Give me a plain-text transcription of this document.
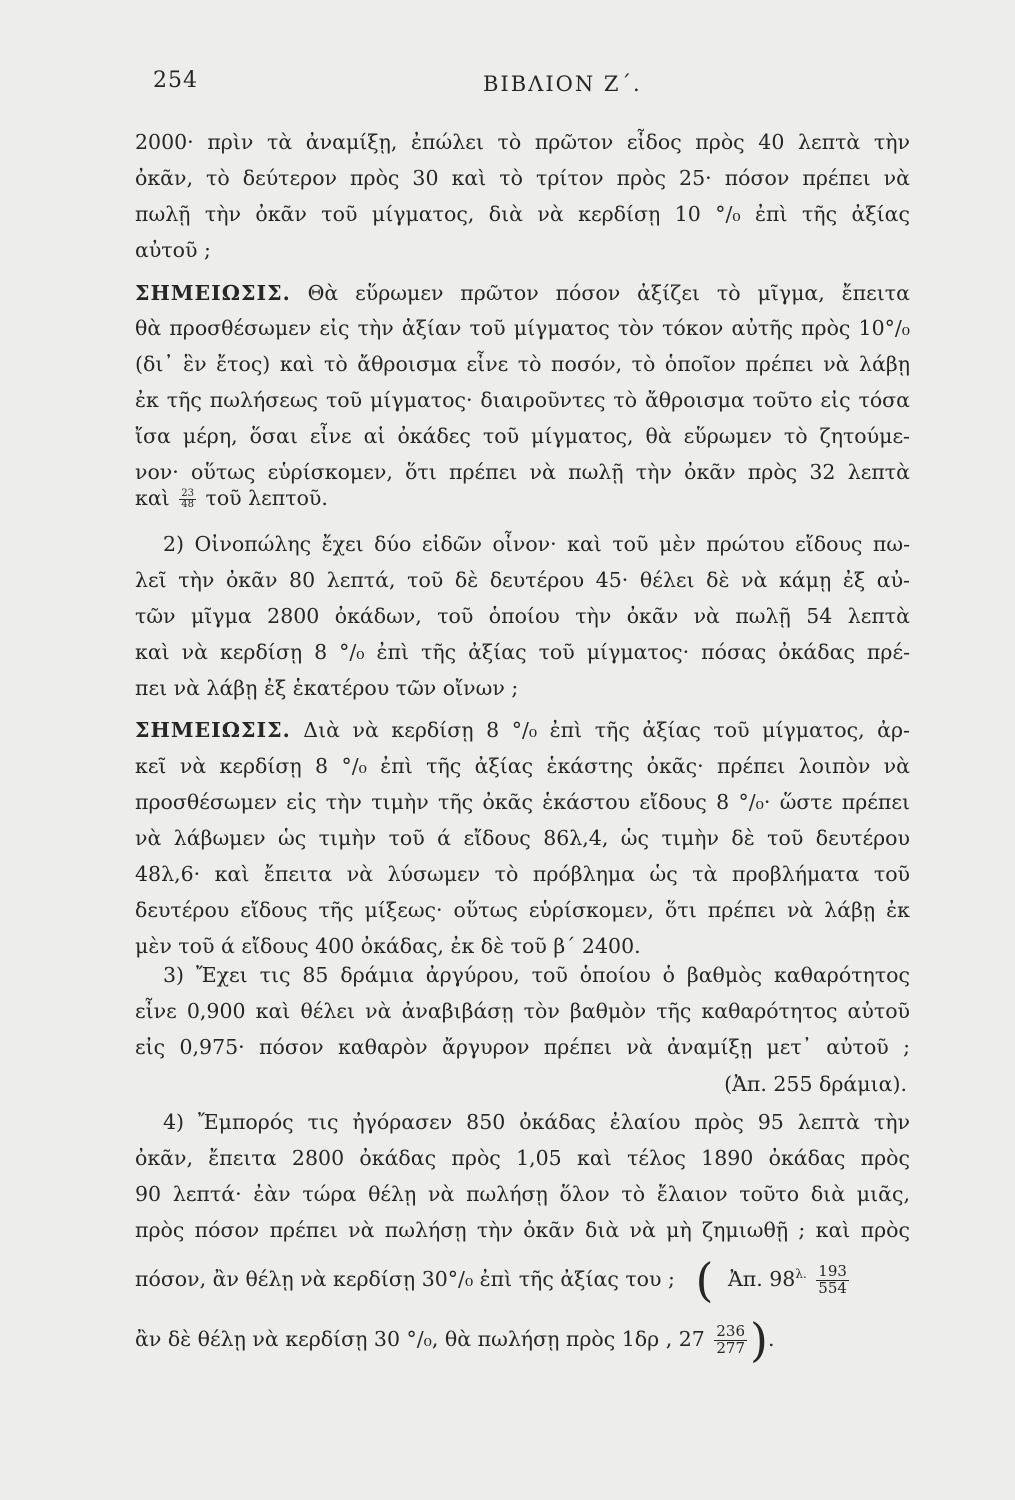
254	ΒΙΒΛΙΟΝ Ζ΄.
2000· πρὶν τὰ ἀναμίξῃ, ἐπώλει τὸ πρῶτον εἶδος πρὸς 40 λεπτὰ τὴν
ὀκᾶν, τὸ δεύτερον πρὸς 30 καὶ τὸ τρίτον πρὸς 25· πόσον πρέπει νὰ
πωλῇ τὴν ὀκᾶν τοῦ μίγματος, διὰ νὰ κερδίσῃ 10 °/₀ ἐπὶ τῆς ἀξίας
αὐτοῦ ;
ΣΗΜΕΙΩΣΙΣ. Θὰ εὕρωμεν πρῶτον πόσον ἀξίζει τὸ μῖγμα, ἔπειτα
θὰ προσθέσωμεν εἰς τὴν ἀξίαν τοῦ μίγματος τὸν τόκον αὐτῆς πρὸς 10°/₀
(δι᾿ ἓν ἔτος) καὶ τὸ ἄθροισμα εἶνε τὸ ποσόν, τὸ ὁποῖον πρέπει νὰ λάβῃ
ἐκ τῆς πωλήσεως τοῦ μίγματος· διαιροῦντες τὸ ἄθροισμα τοῦτο εἰς τόσα
ἴσα μέρη, ὅσαι εἶνε αἱ ὀκάδες τοῦ μίγματος, θὰ εὕρωμεν τὸ ζητούμε-
νον· οὕτως εὑρίσκομεν, ὅτι πρέπει νὰ πωλῇ τὴν ὀκᾶν πρὸς 32 λεπτὰ
καὶ $\frac{23}{48}$ τοῦ λεπτοῦ.
2) Οἰνοπώλης ἔχει δύο εἰδῶν οἶνον· καὶ τοῦ μὲν πρώτου εἴδους πω-
λεῖ τὴν ὀκᾶν 80 λεπτά, τοῦ δὲ δευτέρου 45· θέλει δὲ νὰ κάμῃ ἐξ αὐ-
τῶν μῖγμα 2800 ὀκάδων, τοῦ ὁποίου τὴν ὀκᾶν νὰ πωλῇ 54 λεπτὰ
καὶ νὰ κερδίσῃ 8 °/₀ ἐπὶ τῆς ἀξίας τοῦ μίγματος· πόσας ὀκάδας πρέ-
πει νὰ λάβῃ ἐξ ἑκατέρου τῶν οἴνων ;
ΣΗΜΕΙΩΣΙΣ. Διὰ νὰ κερδίσῃ 8 °/₀ ἐπὶ τῆς ἀξίας τοῦ μίγματος, ἀρ-
κεῖ νὰ κερδίσῃ 8 °/₀ ἐπὶ τῆς ἀξίας ἑκάστης ὀκᾶς· πρέπει λοιπὸν νὰ
προσθέσωμεν εἰς τὴν τιμὴν τῆς ὀκᾶς ἑκάστου εἴδους 8 °/₀· ὥστε πρέπει
νὰ λάβωμεν ὡς τιμὴν τοῦ ά εἴδους 86λ,4, ὡς τιμὴν δὲ τοῦ δευτέρου
48λ,6· καὶ ἔπειτα νὰ λύσωμεν τὸ πρόβλημα ὡς τὰ προβλήματα τοῦ
δευτέρου εἴδους τῆς μίξεως· οὕτως εὑρίσκομεν, ὅτι πρέπει νὰ λάβῃ ἐκ
μὲν τοῦ ά εἴδους 400 ὀκάδας, ἐκ δὲ τοῦ β΄ 2400.
3) Ἔχει τις 85 δράμια ἀργύρου, τοῦ ὁποίου ὁ βαθμὸς καθαρότητος
εἶνε 0,900 καὶ θέλει νὰ ἀναβιβάσῃ τὸν βαθμὸν τῆς καθαρότητος αὐτοῦ
εἰς 0,975· πόσον καθαρὸν ἄργυρον πρέπει νὰ ἀναμίξῃ μετ᾿ αὐτοῦ ;
(Ἀπ. 255 δράμια).
4) Ἔμπορός τις ἠγόρασεν 850 ὀκάδας ἐλαίου πρὸς 95 λεπτὰ τὴν
ὀκᾶν, ἔπειτα 2800 ὀκάδας πρὸς 1,05 καὶ τέλος 1890 ὀκάδας πρὸς
90 λεπτά· ἐὰν τώρα θέλῃ νὰ πωλήσῃ ὅλον τὸ ἔλαιον τοῦτο διὰ μιᾶς,
πρὸς πόσον πρέπει νὰ πωλήσῃ τὴν ὀκᾶν διὰ νὰ μὴ ζημιωθῇ ; καὶ πρὸς
πόσον, ἂν θέλῃ νὰ κερδίσῃ 30°/₀ ἐπὶ τῆς ἀξίας του ; ( Ἀπ. $98^{\lambda.} \frac{193}{554}$
ἂν δὲ θέλῃ νὰ κερδίσῃ 30 °/₀, θὰ πωλήσῃ πρὸς 1δρ , $27 \frac{236}{277}$ ).
